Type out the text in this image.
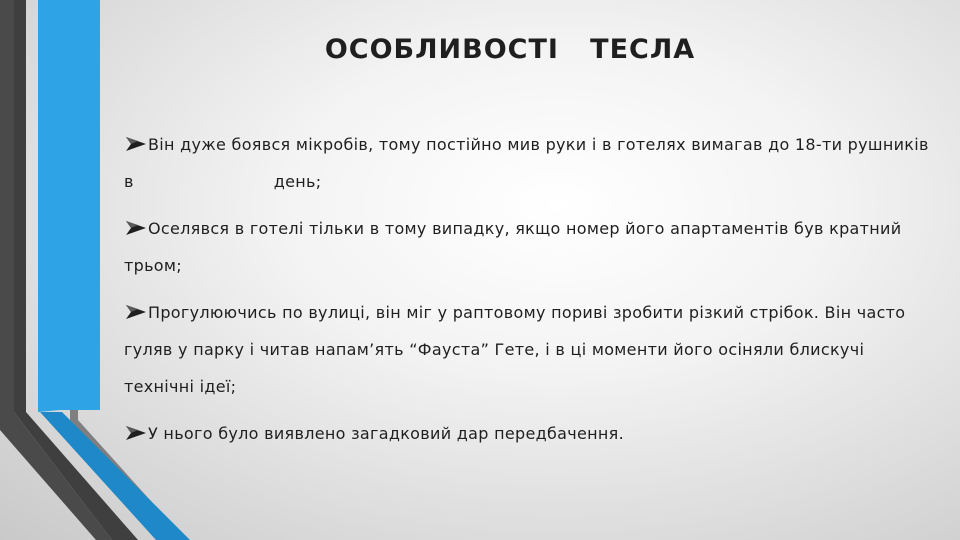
ОСОБЛИВОСТІ   ТЕСЛА
Він дуже боявся мікробів, тому постійно мив руки і в готелях вимагав до 18-ти рушників в	день;
Оселявся в готелі тільки в тому випадку, якщо номер його апартаментів був кратний трьом;
Прогулюючись по вулиці, він міг у раптовому пориві зробити різкий стрібок. Він часто гуляв у парку і читав напам’ять “Фауста” Гете, і в ці моменти його осіняли блискучі технічні ідеї;
У нього було виявлено загадковий дар передбачення.
